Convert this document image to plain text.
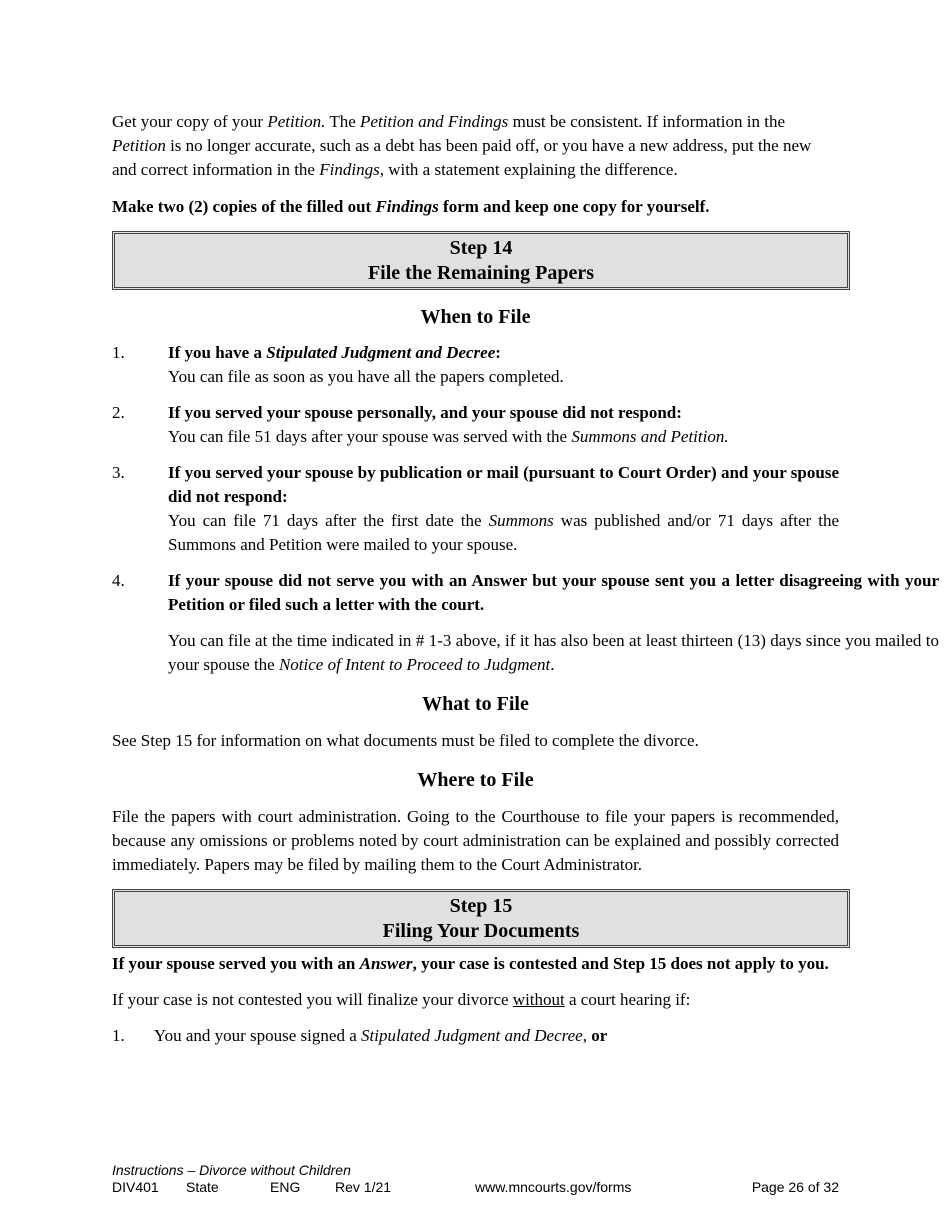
Get your copy of your Petition. The Petition and Findings must be consistent. If information in the Petition is no longer accurate, such as a debt has been paid off, or you have a new address, put the new and correct information in the Findings, with a statement explaining the difference.

Make two (2) copies of the filled out Findings form and keep one copy for yourself.

Step 14
File the Remaining Papers
When to File
1.	If you have a Stipulated Judgment and Decree:
You can file as soon as you have all the papers completed.
2.	If you served your spouse personally, and your spouse did not respond:
You can file 51 days after your spouse was served with the Summons and Petition.
3.	If you served your spouse by publication or mail (pursuant to Court Order) and your spouse did not respond:
You can file 71 days after the first date the Summons was published and/or 71 days after the Summons and Petition were mailed to your spouse.
4.	If your spouse did not serve you with an Answer but your spouse sent you a letter disagreeing with your Petition or filed such a letter with the court.
You can file at the time indicated in # 1-3 above, if it has also been at least thirteen (13) days since you mailed to your spouse the Notice of Intent to Proceed to Judgment.
What to File

See Step 15 for information on what documents must be filed to complete the divorce.

Where to File

File the papers with court administration. Going to the Courthouse to file your papers is recommended, because any omissions or problems noted by court administration can be explained and possibly corrected immediately. Papers may be filed by mailing them to the Court Administrator.

Step 15
Filing Your Documents

If your spouse served you with an Answer, your case is contested and Step 15 does not apply to you.

If your case is not contested you will finalize your divorce without a court hearing if:

1. You and your spouse signed a Stipulated Judgment and Decree, or
Instructions – Divorce without Children
DIV401 State	ENG Rev 1/21	www.mncourts.gov/forms	Page 26 of 32
